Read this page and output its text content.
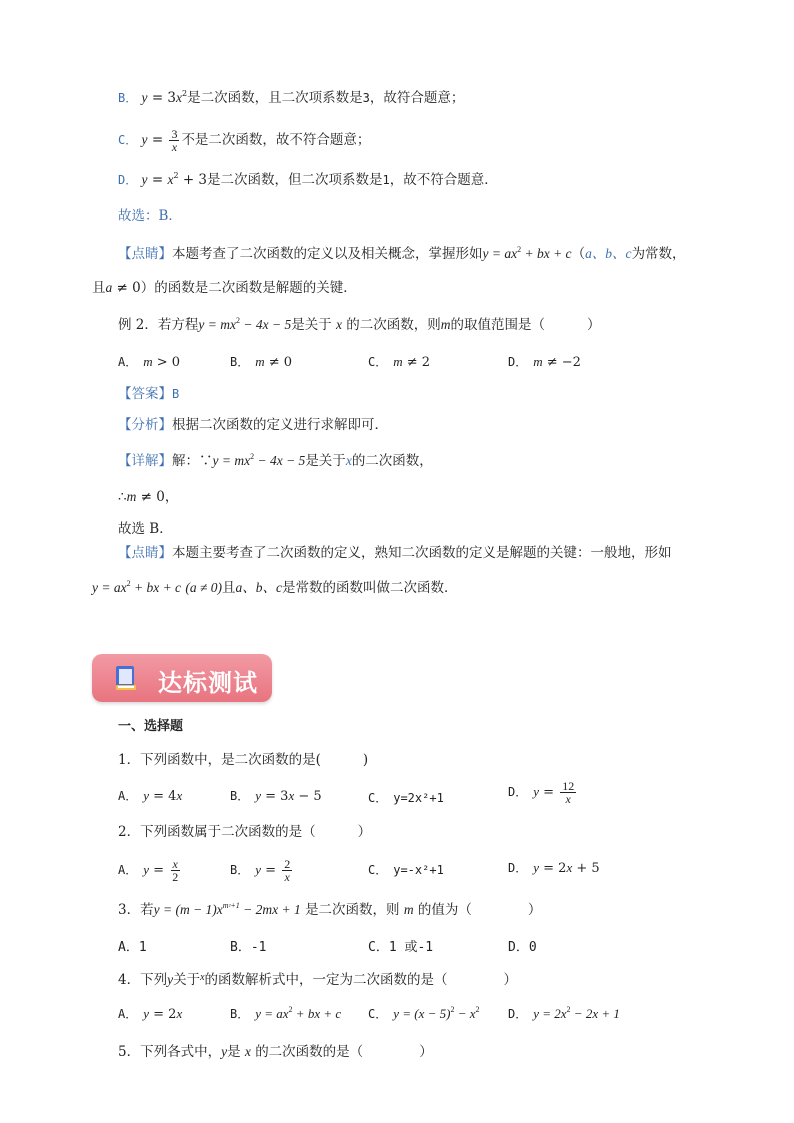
B． $y = 3x^2$是二次函数，且二次项系数是3，故符合题意；
C． $y = \frac{3}{x}$ 不是二次函数，故不符合题意；
D． $y = x^2 + 3$是二次函数，但二次项系数是1，故不符合题意．
故选：B．
【点睛】本题考查了二次函数的定义以及相关概念，掌握形如$y = ax^2$ + bx + c（a、b、c为常数，
且a ≠ 0）的函数是二次函数是解题的关键．
例 2．若方程$y = mx^2 - 4x - 5$是关于 x 的二次函数，则m的取值范围是（	）
A． m > 0	B． m ≠ 0	C． m ≠ 2	D． m ≠ −2
【答案】B
【分析】根据二次函数的定义进行求解即可．
【详解】解：∵y = $mx^2 - 4x - 5$是关于x的二次函数，
∴m ≠ 0，
故选 B．
【点睛】本题主要考查了二次函数的定义，熟知二次函数的定义是解题的关键：一般地，形如
$y = ax^2$ + bx + c (a ≠ 0)且a、b、c是常数的函数叫做二次函数．
达标测试
一、选择题
1．下列函数中，是二次函数的是(	)
A． y = 4x	B． y = 3x − 5	C． y=2x²+1	D． $y = \frac{12}{x}$
2．下列函数属于二次函数的是（	）
A． $y = \frac{x}{2}$	B． $y = \frac{2}{x}$	C． y=-x²+1	D． y = 2x + 5
3．若$y = (m - 1)x^{m^2+1} - 2mx + 1$ 是二次函数，则 m 的值为（	）
A．1	B．-1	C．1 或-1	D．0
4．下列y关于$^x$的函数解析式中，一定为二次函数的是（	）
A． y = 2x	B． $y = ax^2$ + bx + c C． $y = (x - 5)^2 - x^2$ D． $y = 2x^2 - 2x + 1$
5．下列各式中，y是 x 的二次函数的是（	）
